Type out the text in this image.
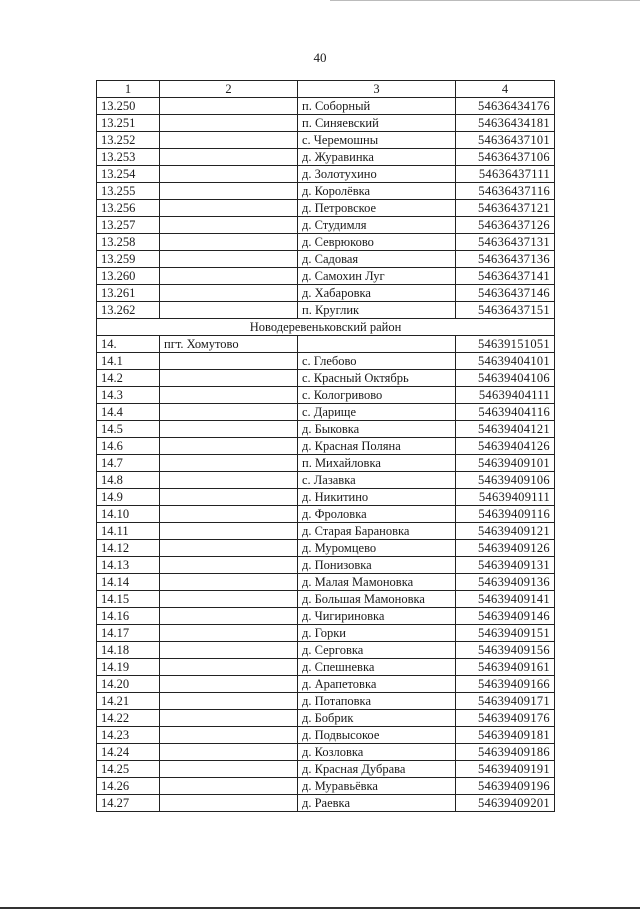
40
1	2	3	4
13.250		п. Соборный	54636434176
13.251		п. Синяевский	54636434181
13.252		с. Черемошны	54636437101
13.253		д. Журавинка	54636437106
13.254		д. Золотухино	54636437111
13.255		д. Королёвка	54636437116
13.256		д. Петровское	54636437121
13.257		д. Студимля	54636437126
13.258		д. Севрюково	54636437131
13.259		д. Садовая	54636437136
13.260		д. Самохин Луг	54636437141
13.261		д. Хабаровка	54636437146
13.262		п. Круглик	54636437151
Новодеревеньковский район			
14.	пгт. Хомутово		54639151051
14.1		с. Глебово	54639404101
14.2		с. Красный Октябрь	54639404106
14.3		с. Кологривово	54639404111
14.4		с. Дарище	54639404116
14.5		д. Быковка	54639404121
14.6		д. Красная Поляна	54639404126
14.7		п. Михайловка	54639409101
14.8		с. Лазавка	54639409106
14.9		д. Никитино	54639409111
14.10		д. Фроловка	54639409116
14.11		д. Старая Барановка	54639409121
14.12		д. Муромцево	54639409126
14.13		д. Понизовка	54639409131
14.14		д. Малая Мамоновка	54639409136
14.15		д. Большая Мамоновка	54639409141
14.16		д. Чигириновка	54639409146
14.17		д. Горки	54639409151
14.18		д. Серговка	54639409156
14.19		д. Спешневка	54639409161
14.20		д. Арапетовка	54639409166
14.21		д. Потаповка	54639409171
14.22		д. Бобрик	54639409176
14.23		д. Подвысокое	54639409181
14.24		д. Козловка	54639409186
14.25		д. Красная Дубрава	54639409191
14.26		д. Муравьёвка	54639409196
14.27		д. Раевка	54639409201
